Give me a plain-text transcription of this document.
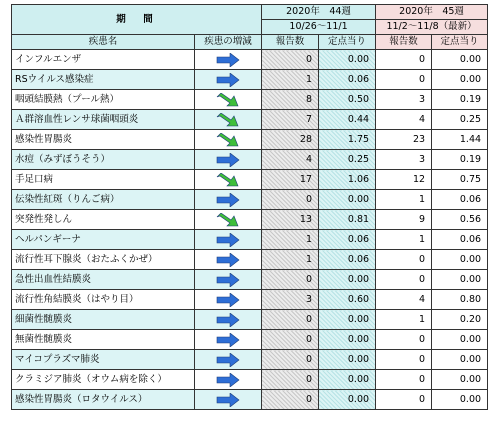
期　間		2020年　44週		2020年　45週	
		10/26～11/1		11/2～11/8（最新）	
疾患名	疾患の増減	報告数	定点当り	報告数	定点当り
インフルエンザ		0	0.00	0	0.00
RSウイルス感染症		1	0.06	0	0.00
咽頭結膜熱（プール熱）		8	0.50	3	0.19
Ａ群溶血性レンサ球菌咽頭炎		7	0.44	4	0.25
感染性胃腸炎		28	1.75	23	1.44
水痘（みずぼうそう）		4	0.25	3	0.19
手足口病		17	1.06	12	0.75
伝染性紅斑（りんご病）		0	0.00	1	0.06
突発性発しん		13	0.81	9	0.56
ヘルパンギーナ		1	0.06	1	0.06
流行性耳下腺炎（おたふくかぜ）		1	0.06	0	0.00
急性出血性結膜炎		0	0.00	0	0.00
流行性角結膜炎（はやり目）		3	0.60	4	0.80
細菌性髄膜炎		0	0.00	1	0.20
無菌性髄膜炎		0	0.00	0	0.00
マイコプラズマ肺炎		0	0.00	0	0.00
クラミジア肺炎（オウム病を除く）		0	0.00	0	0.00
感染性胃腸炎（ロタウイルス）		0	0.00	0	0.00
